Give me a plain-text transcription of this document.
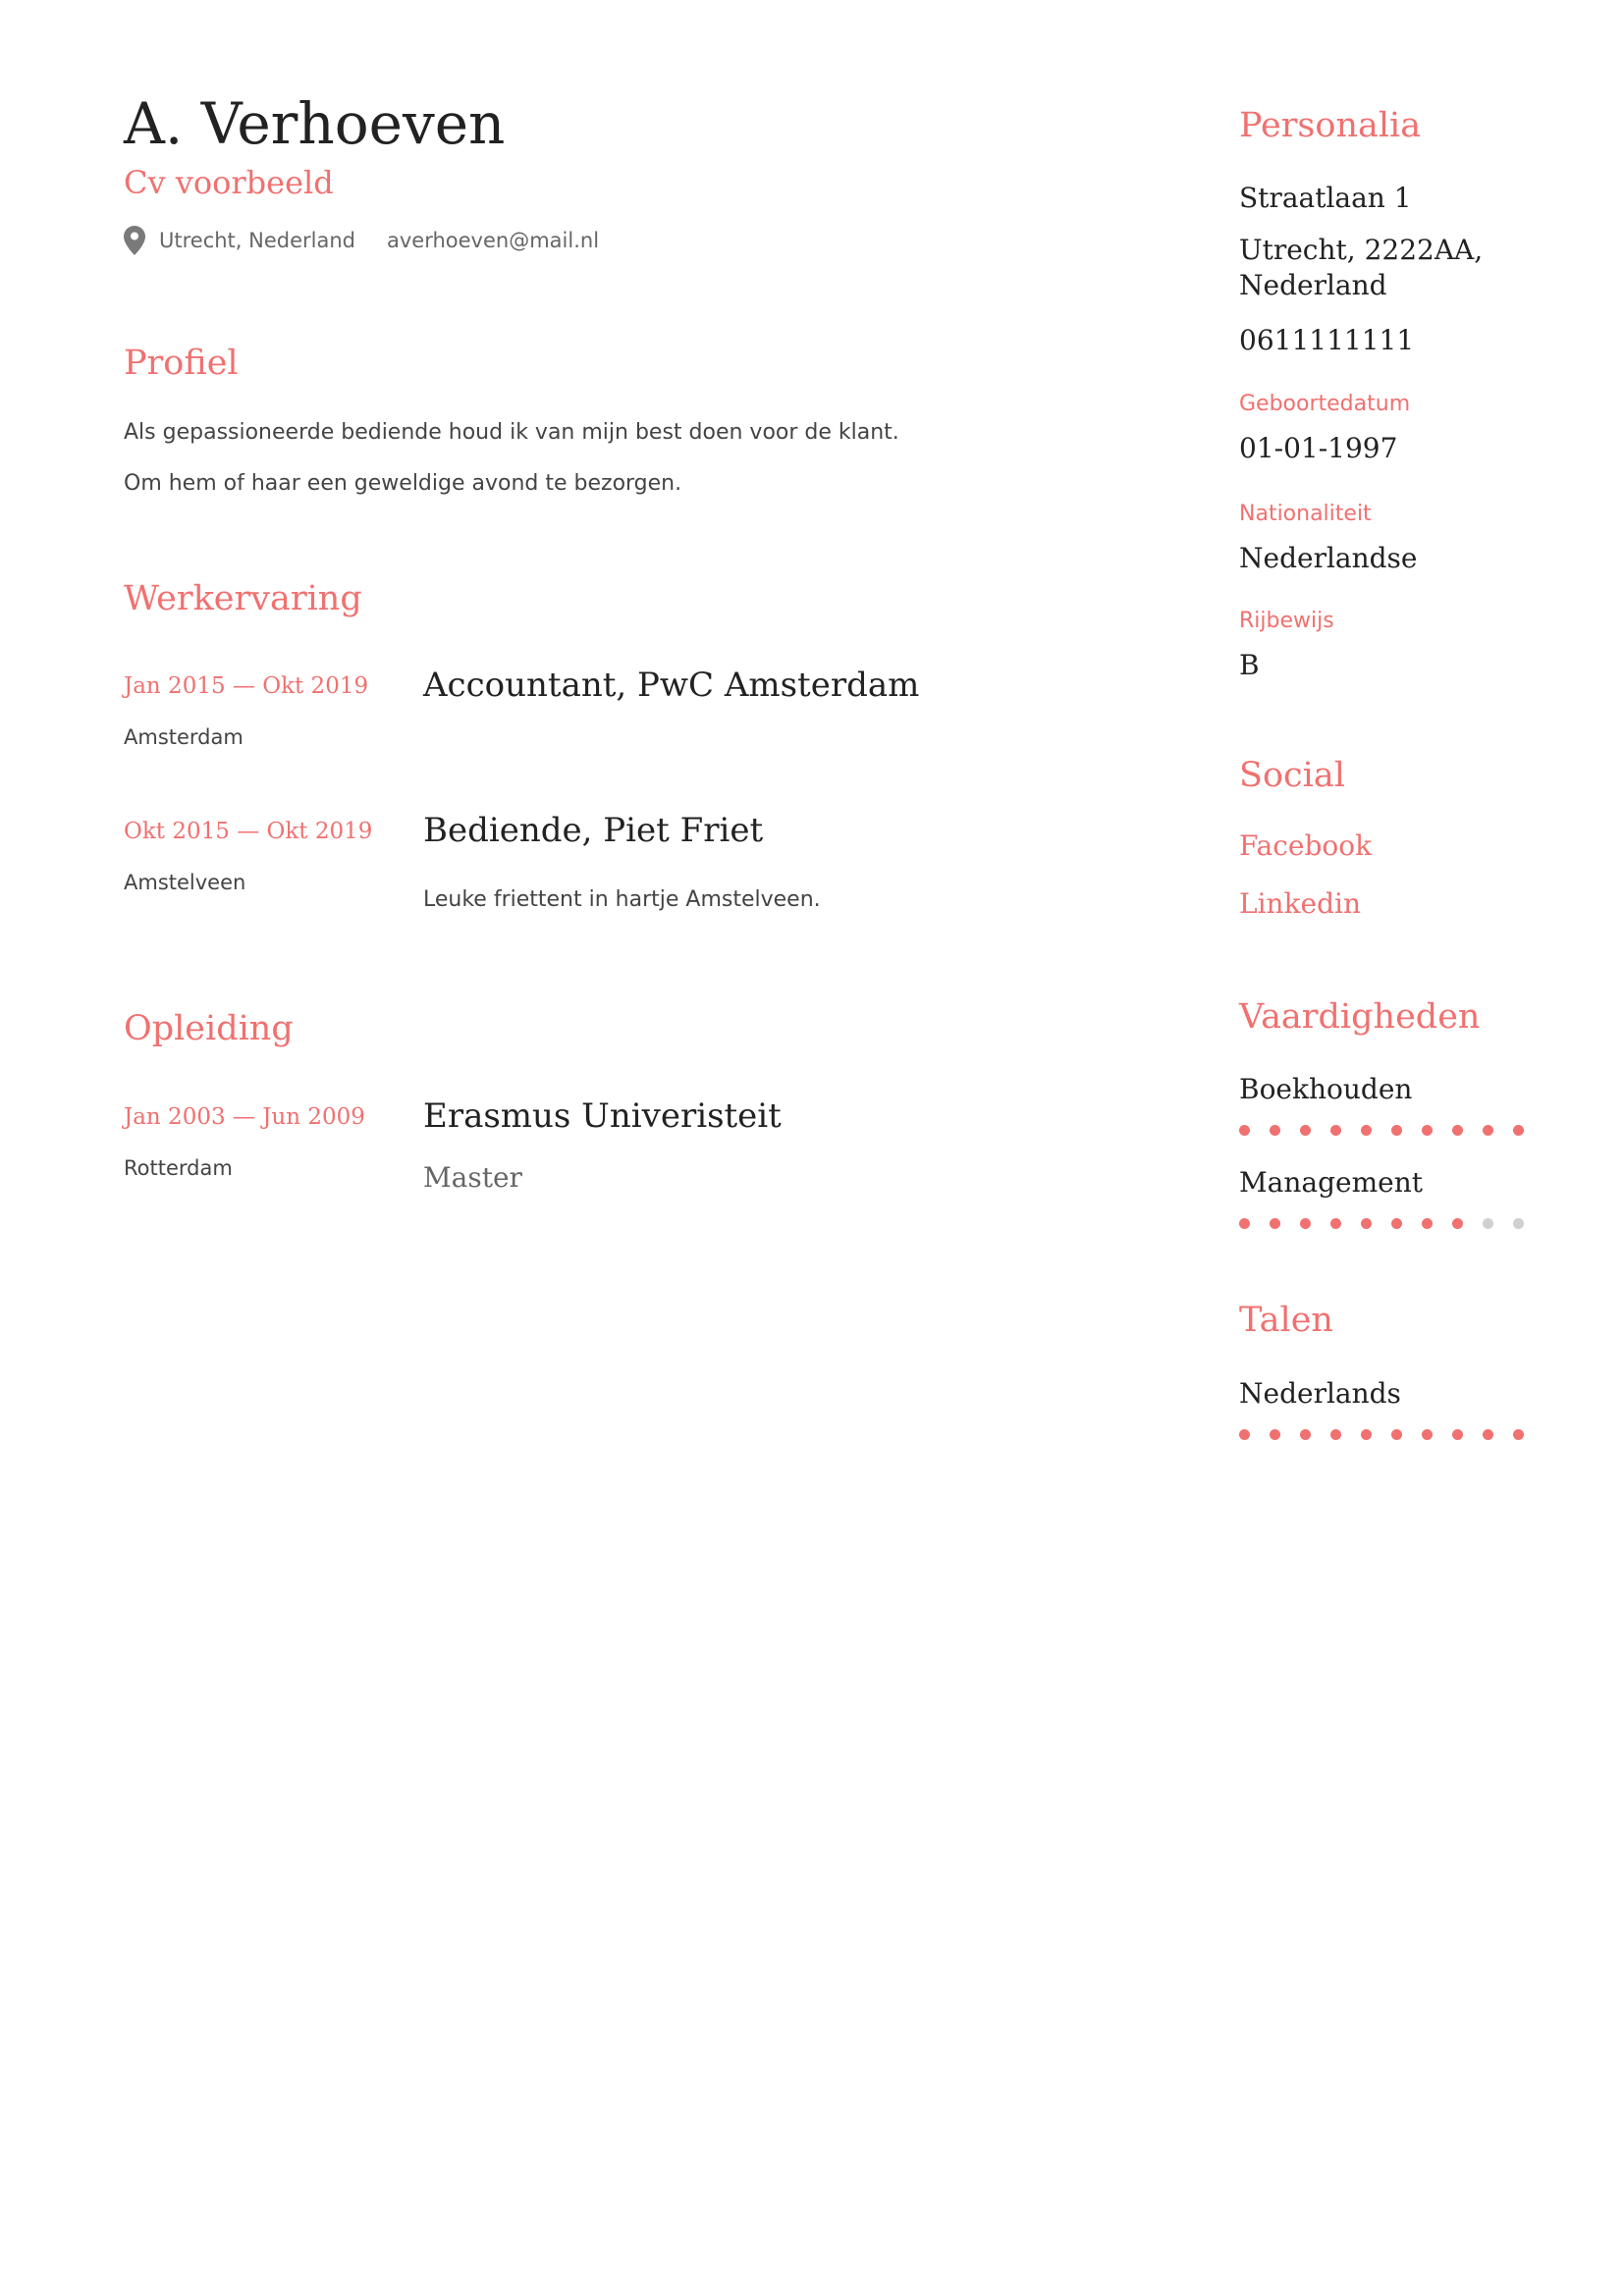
A. Verhoeven
Cv voorbeeld
Utrecht, Nederland averhoeven@mail.nl
Profiel
Als gepassioneerde bediende houd ik van mijn best doen voor de klant.
Om hem of haar een geweldige avond te bezorgen.
Werkervaring
Jan 2015 — Okt 2019
Amsterdam
Accountant, PwC Amsterdam
Okt 2015 — Okt 2019
Amstelveen
Bediende, Piet Friet
Leuke friettent in hartje Amstelveen.
Opleiding
Jan 2003 — Jun 2009
Rotterdam
Erasmus Univeristeit
Master
Personalia
Straatlaan 1
Utrecht, 2222AA, Nederland
0611111111
Geboortedatum
01-01-1997
Nationaliteit
Nederlandse
Rijbewijs
B
Social
Facebook
Linkedin
Vaardigheden
Boekhouden
Management
Talen
Nederlands
